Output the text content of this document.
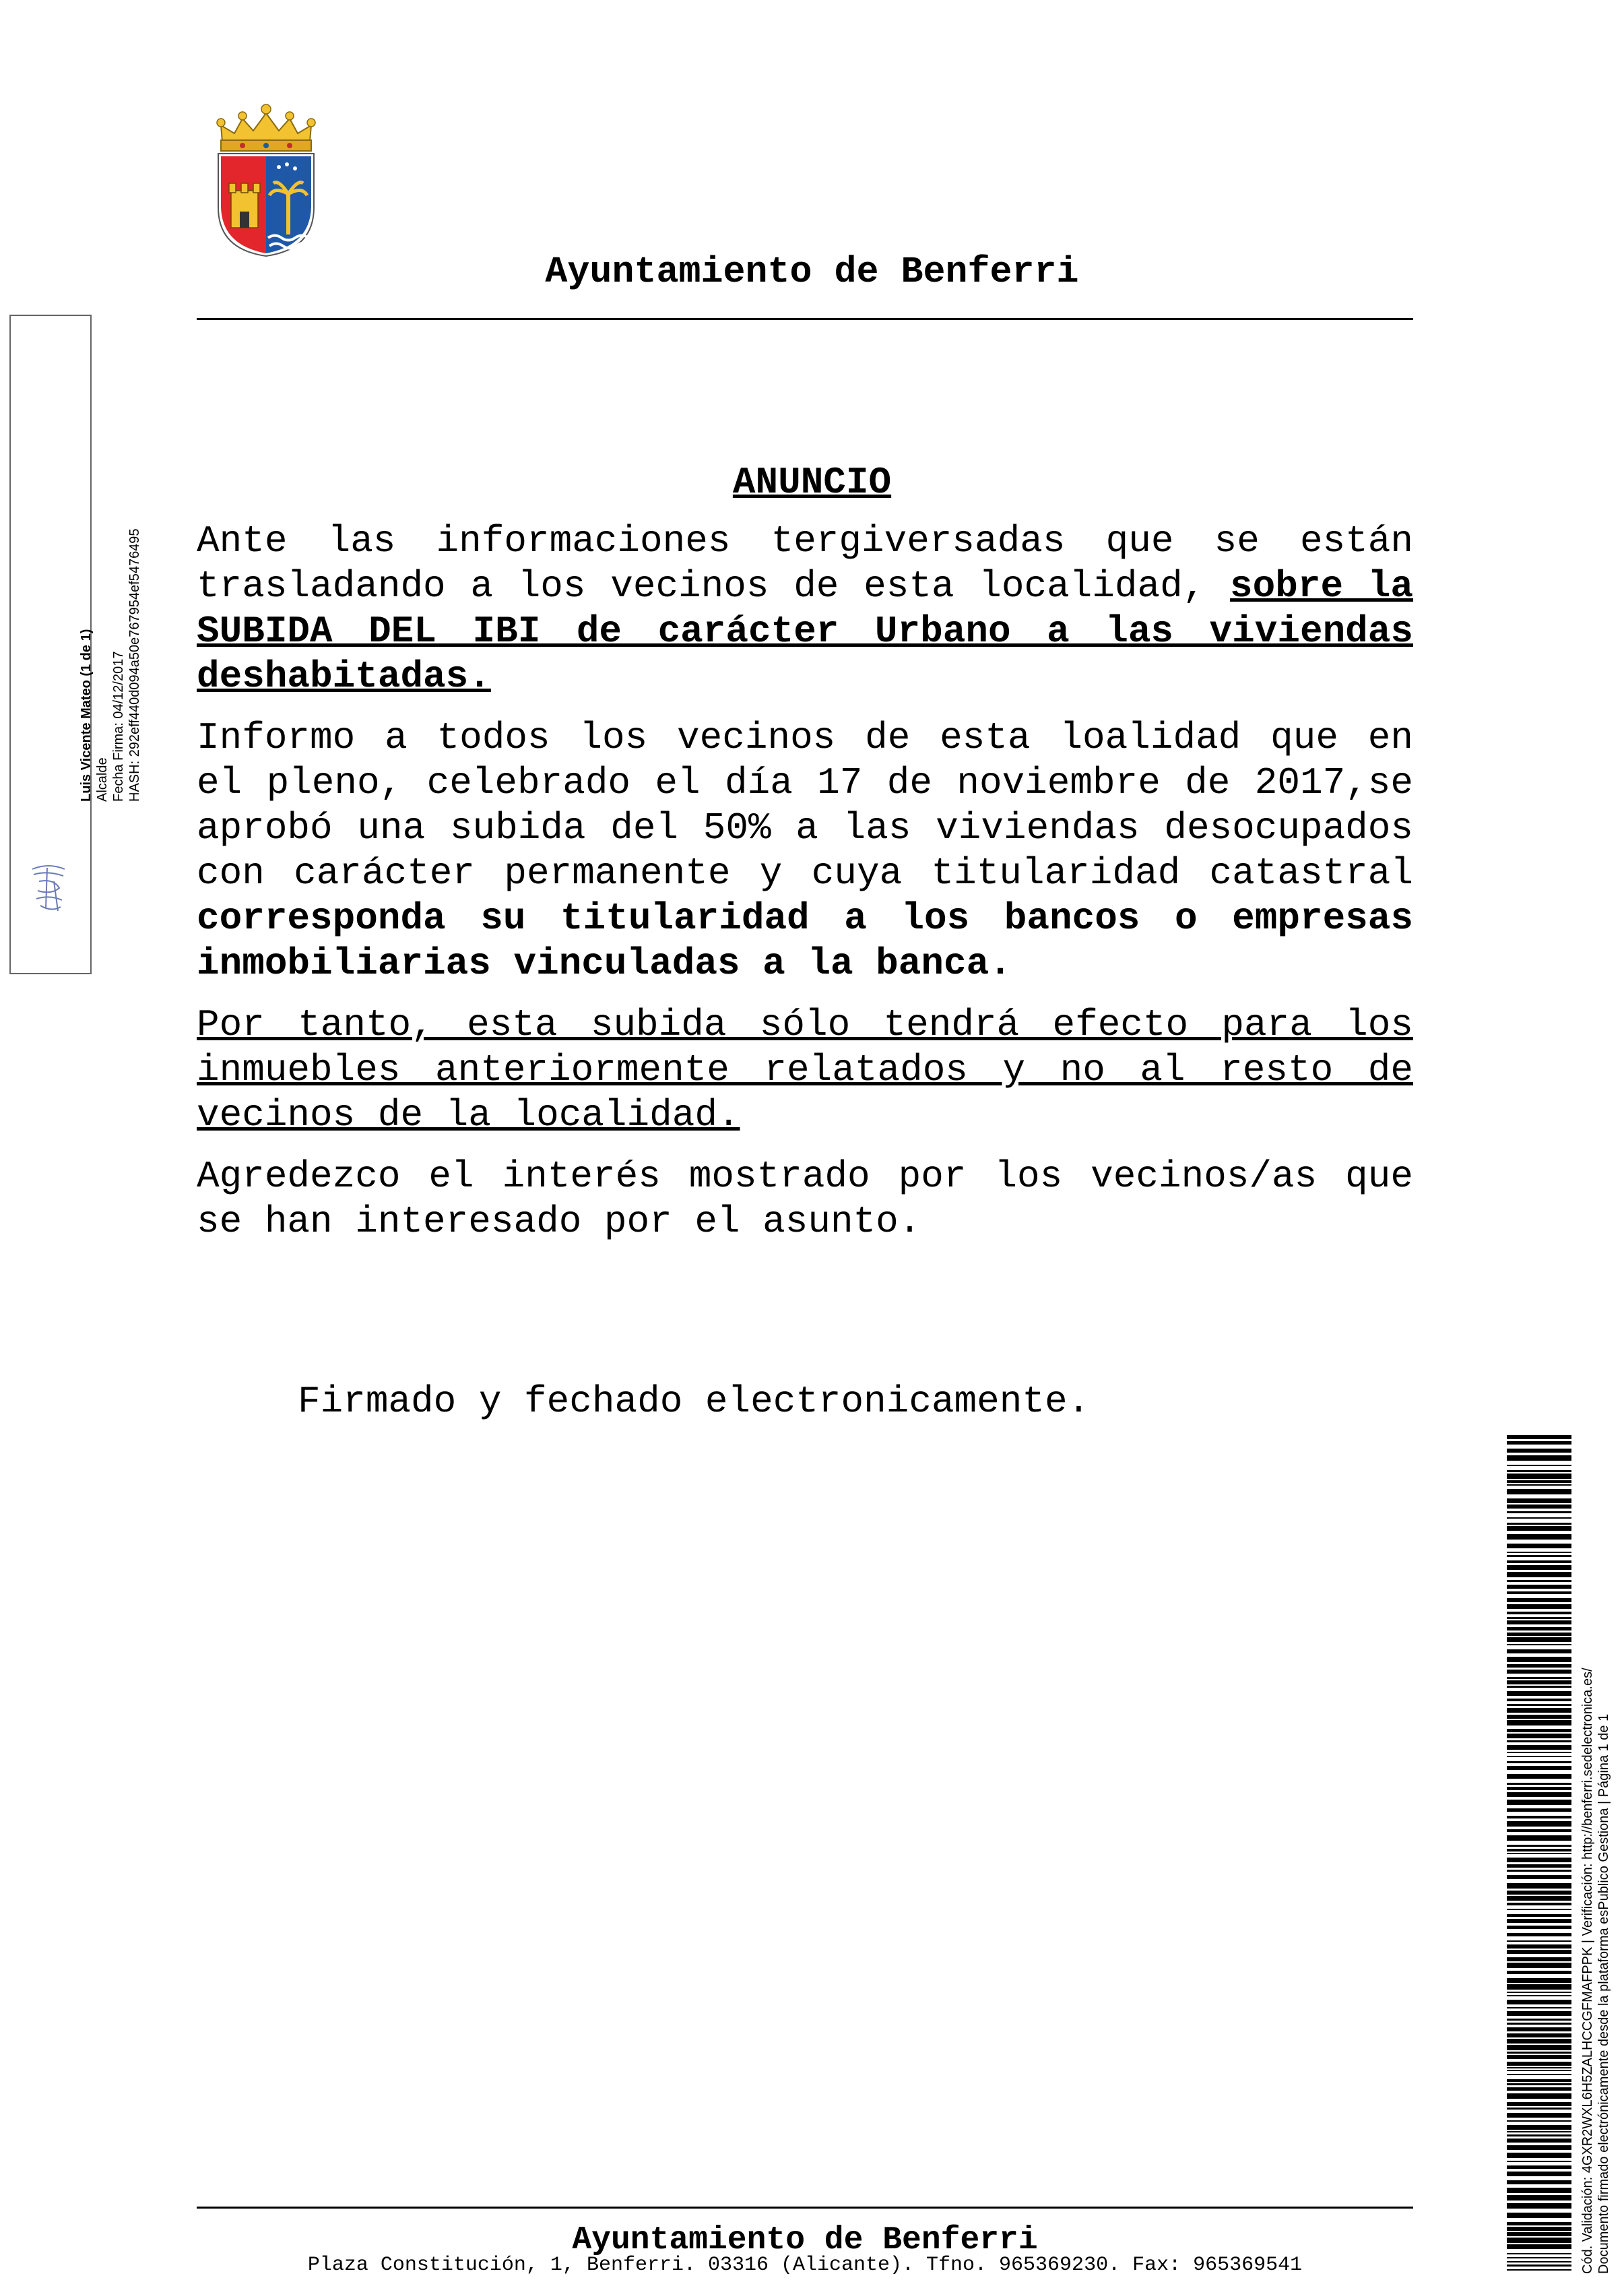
Ayuntamiento de Benferri
Luis Vicente Mateo (1 de 1) Alcalde Fecha Firma: 04/12/2017 HASH: 292eff440d094a50e767954ef5476495
ANUNCIO

Ante las informaciones tergiversadas que se están trasladando a los vecinos de esta localidad, sobre la SUBIDA DEL IBI de carácter Urbano a las viviendas deshabitadas.

Informo a todos los vecinos de esta loalidad que en el pleno, celebrado el día 17 de noviembre de 2017,se aprobó una subida del 50% a las viviendas desocupados con carácter permanente y cuya titularidad catastral corresponda su titularidad a los bancos o empresas inmobiliarias vinculadas a la banca.

Por tanto, esta subida sólo tendrá efecto para los inmuebles anteriormente relatados y no al resto de vecinos de la localidad.

Agredezco el interés mostrado por los vecinos/as que se han interesado por el asunto.

Firmado y fechado electronicamente.
Cód. Validación: 4GXR2WXL6H5ZALHCCGFMAFPPK | Verificación: http://benferri.sedelectronica.es/ Documento firmado electrónicamente desde la plataforma esPublico Gestiona | Página 1 de 1
Ayuntamiento de Benferri
Plaza Constitución, 1, Benferri. 03316 (Alicante). Tfno. 965369230. Fax: 965369541
